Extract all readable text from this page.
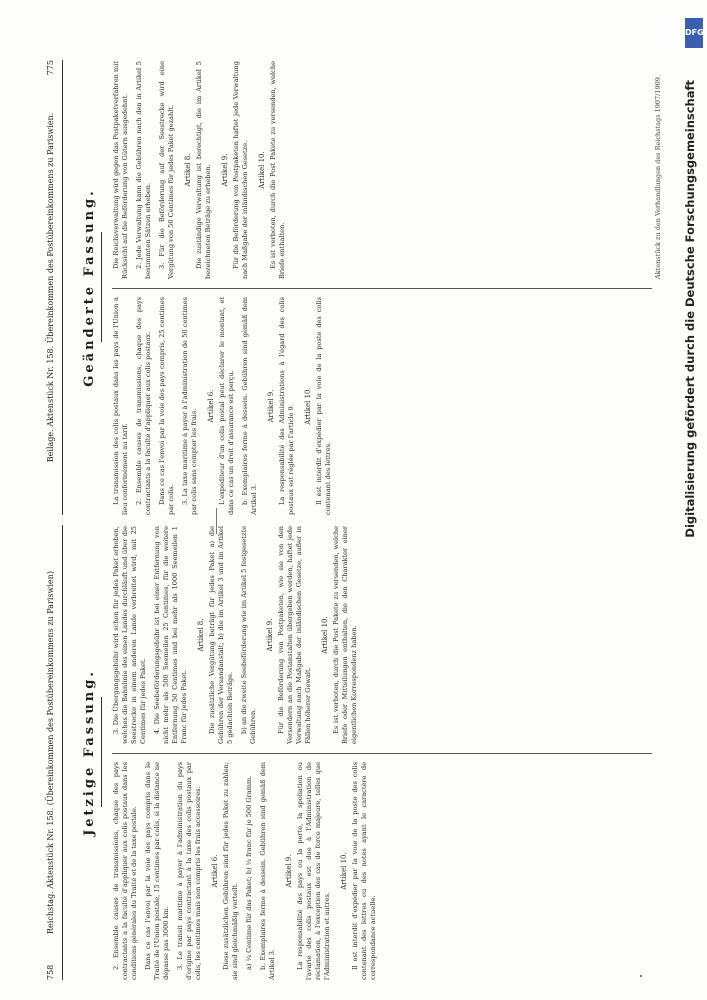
758
Reichstag. Aktenstück Nr. 158. (Übereinkommen des Postübereinkommens zu Pariswien) Jetzige Fassung.

2. Ensemble causes de transmissions, chaque des pays contractants a la faculté d'appliquer aux colis postaux dans les conditions générales du Traité et de la taxe postale. Dans ce cas l'envoi par la voie des pays compris dans le Traité de l'Union postale, 15 centimes par colis, si la distance ne dépasse pas 3000 km. 3. Le transit maritime à payer à l'administration du pays d'origine par pays contractant à la taxe des colis postaux par colis, les centimes mais non compris les frais accessoires. Artikel 6. Diese zusätzlichen Gebühren sind für jedes Paket zu zahlen; sie sind gleichmäßig verteilt. a) ¼ Centime für das Paket; b) ¼ franc für je 500 Gramm. b. Exemplaires ferme à dessein. Gebühren sind gemäß dem Artikel 3.

Artikel 9. La responsabilité des pays ou la perte, la spoliation ou l'avarie des colis postaux est due à l'Administration de réclamation, à l'exception des cas de force majeure, telles que l'Administration et autres.

Artikel 10. Il est interdit d'expédier par la voie de la poste des colis contenant des lettres ou des notes ayant le caractère de correspondance actuelle.

3. Die Übergangsgebühr wird schon für jedes Paket erhoben, welches die Bahnlinie des einen Landes durchläuft und über die Seestrecke in einem anderen Lande verbreitet wird, mit 25 Centimes für jedes Paket. 4. Die Seebeförderungsgebühr ist bei einer Entfernung von nicht mehr als 500 Seemeilen 25 Centimes, für die weitere Entfernung 50 Centimes und bei mehr als 1000 Seemeilen 1 Franc für jedes Paket.

Artikel 8. Die zusätzliche Vergütung beträgt für jedes Paket a) die Gebühren der Versandanstalt; b) die im Artikel 3 und im Artikel 5 gedachten Beträge. b) an die zweite Seebeförderung wie im Artikel 5 festgesetzte Gebühren.

Artikel 9. Für die Beförderung von Postpaketen, wie sie von den Versendern an die Postanstalten übergeben werden, haftet jede Verwaltung nach Maßgabe der inländischen Gesetze, außer in Fällen höherer Gewalt.

Artikel 10. Es ist verboten, durch die Post Pakete zu versenden, welche Briefe oder Mitteilungen enthalten, die den Charakter einer eigentlichen Korrespondenz haben.

Beilage. Aktenstück Nr. 158. Übereinkommen des Postübereinkommens zu Pariswien.
775
Geänderte Fassung.

La transmission des colis postaux dans les pays de l'Union a lieu conformément au tarif. 2. Ensemble causes de transmissions, chaque des pays contractants a la faculté d'appliquer aux colis postaux. Dans ce cas l'envoi par la voie des pays compris, 25 centimes par colis. 3. La taxe maritime à payer à l'administration de 50 centimes par colis sans compter les frais.

Artikel 6. L'expéditeur d'un colis postal peut déclarer le montant, et dans ce cas un droit d'assurance est perçu. b. Exemplaires ferme à dessein. Gebühren sind gemäß dem Artikel 3.

Artikel 9. La responsabilité des Administrations à l'égard des colis postaux est réglée par l'article 9. Artikel 10. Il est interdit d'expédier par la voie de la poste des colis contenant des lettres.

Die Reichsverwaltung wird gegen das Postpaketverfahren mit Rücksicht auf die Beförderung von Gütern ausgedehnt. 2. Jede Verwaltung kann die Gebühren nach den in Artikel 5 bestimmten Sätzen erheben. 3. Für die Beförderung auf der Seestrecke wird eine Vergütung von 50 Centimes für jedes Paket gezahlt. Artikel 8. Die zuständige Verwaltung ist berechtigt, die im Artikel 5 bezeichneten Beträge zu erheben. Artikel 9. Für die Beförderung von Postpaketen haftet jede Verwaltung nach Maßgabe der inländischen Gesetze. Artikel 10. Es ist verboten, durch die Post Pakete zu versenden, welche Briefe enthalten.	Aktenstück zu den Verhandlungen des Reichstags 1907/1909.
DFG
Digitalisierung gefördert durch die Deutsche Forschungsgemeinschaft
